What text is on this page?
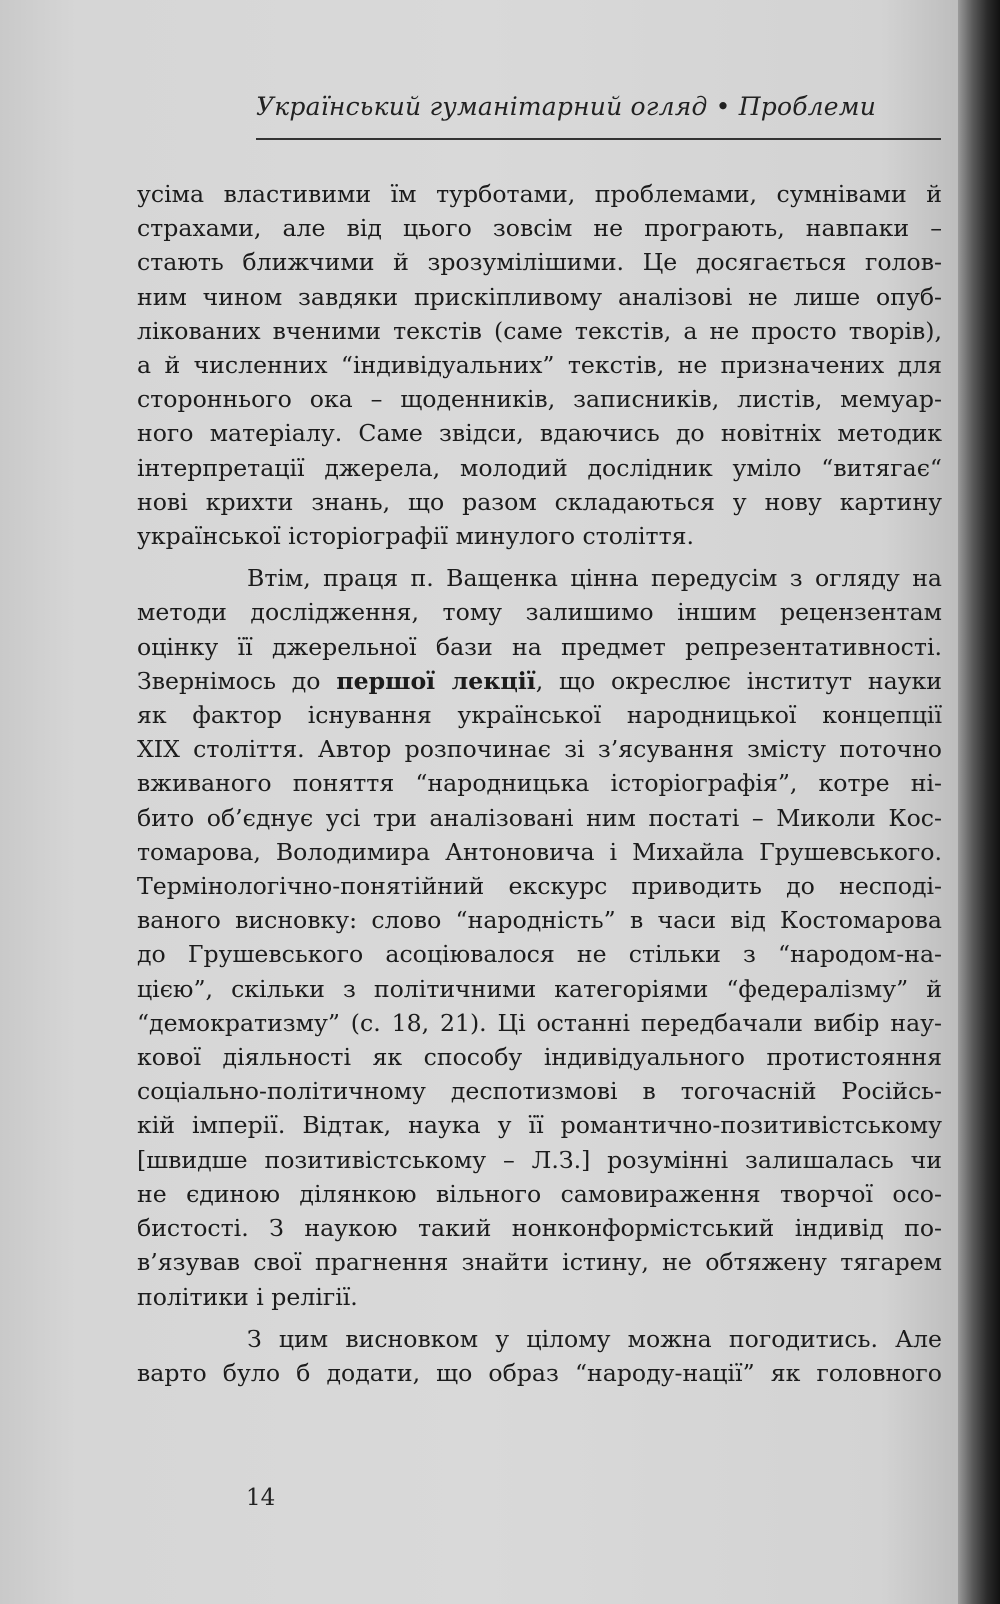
Український гуманітарний огляд • Проблеми

усіма властивими їм турботами, проблемами, сумнівами й
страхами, але від цього зовсім не програють, навпаки –
стають ближчими й зрозумілішими. Це досягається голов-
ним чином завдяки прискіпливому аналізові не лише опуб-
лікованих вченими текстів (саме текстів, а не просто творів),
а й численних “індивідуальних” текстів, не призначених для
стороннього ока – щоденників, записників, листів, мемуар-
ного матеріалу. Саме звідси, вдаючись до новітніх методик
інтерпретації джерела, молодий дослідник уміло “витягає“
нові крихти знань, що разом складаються у нову картину
української історіографії минулого століття.

Втім, праця п. Ващенка цінна передусім з огляду на
методи дослідження, тому залишимо іншим рецензентам
оцінку її джерельної бази на предмет репрезентативності.
Звернімось до першої лекції, що окреслює інститут науки
як фактор існування української народницької концепції
XIX століття. Автор розпочинає зі з’ясування змісту поточно
вживаного поняття “народницька історіографія”, котре ні-
бито об’єднує усі три аналізовані ним постаті – Миколи Кос-
томарова, Володимира Антоновича і Михайла Грушевського.
Термінологічно-понятійний екскурс приводить до несподі-
ваного висновку: слово “народність” в часи від Костомарова
до Грушевського асоціювалося не стільки з “народом-на-
цією”, скільки з політичними категоріями “федералізму” й
“демократизму” (с. 18, 21). Ці останні передбачали вибір нау-
кової діяльності як способу індивідуального протистояння
соціально-політичному деспотизмові в тогочасній Російсь-
кій імперії. Відтак, наука у її романтично-позитивістському
[швидше позитивістському – Л.З.] розумінні залишалась чи
не єдиною ділянкою вільного самовираження творчої осо-
бистості. З наукою такий нонконформістський індивід по-
в’язував свої прагнення знайти істину, не обтяжену тягарем
політики і релігії.

З цим висновком у цілому можна погодитись. Але
варто було б додати, що образ “народу-нації” як головного

14
